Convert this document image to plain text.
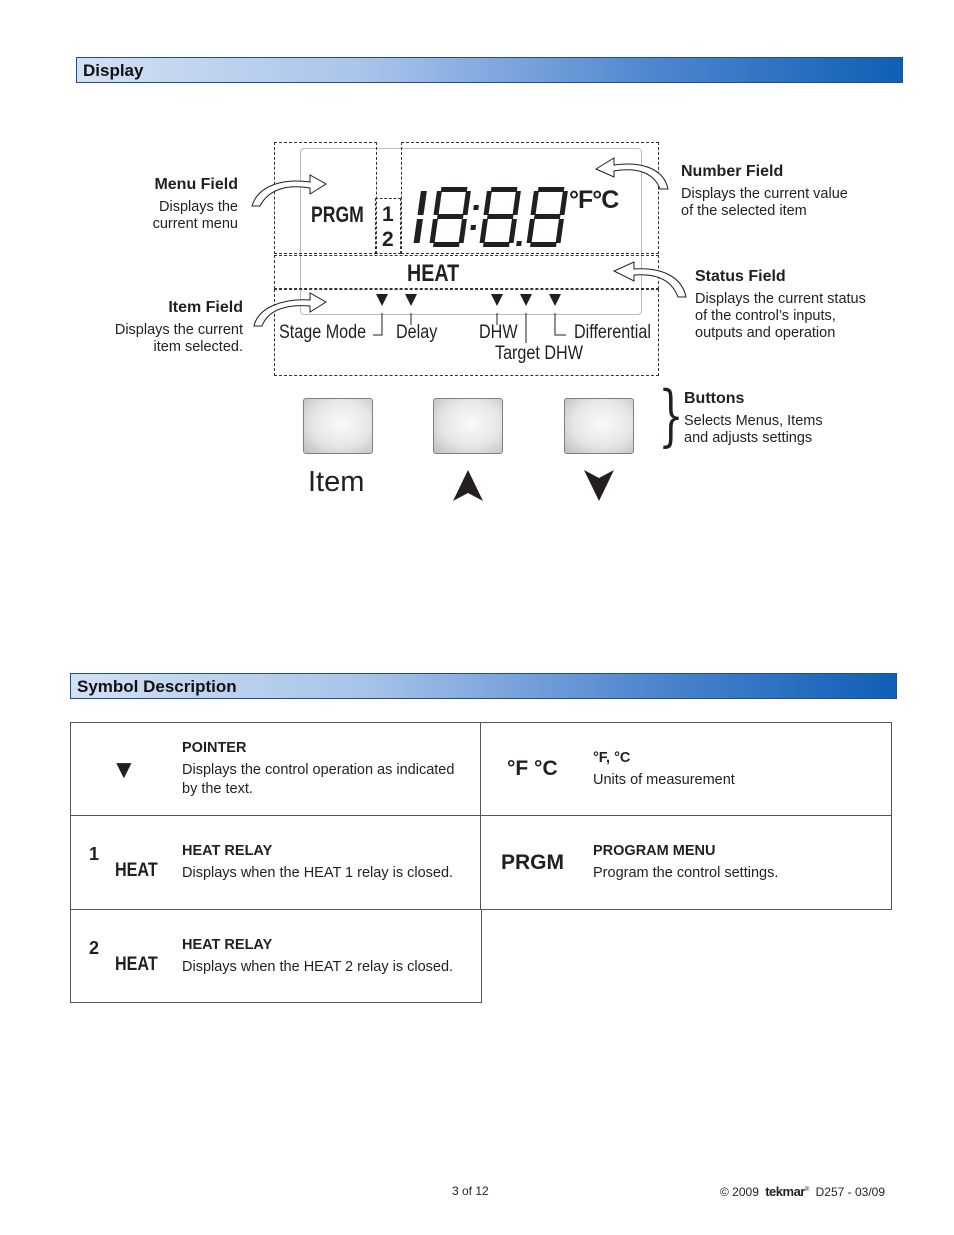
Display
PRGM 1
2
°F°C
HEAT
Stage Mode Delay DHW	Differential
Target DHW
Menu Field
Displays the
current menu
Item Field
Displays the current
item selected.
Number Field
Displays the current value
of the selected item
Status Field
Displays the current status
of the control’s inputs,
outputs and operation
Item
} Buttons
Selects Menus, Items
and adjusts settings
Symbol Description
▼
POINTER
Displays the control operation as indicated
by the text.
°F °C °F, °C
Units of measurement
1
HEAT
HEAT RELAY
Displays when the HEAT 1 relay is closed. PRGM PROGRAM MENU
Program the control settings.
2
HEAT
HEAT RELAY
Displays when the HEAT 2 relay is closed.
3 of 12	© 2009 tekmar® D257 - 03/09
